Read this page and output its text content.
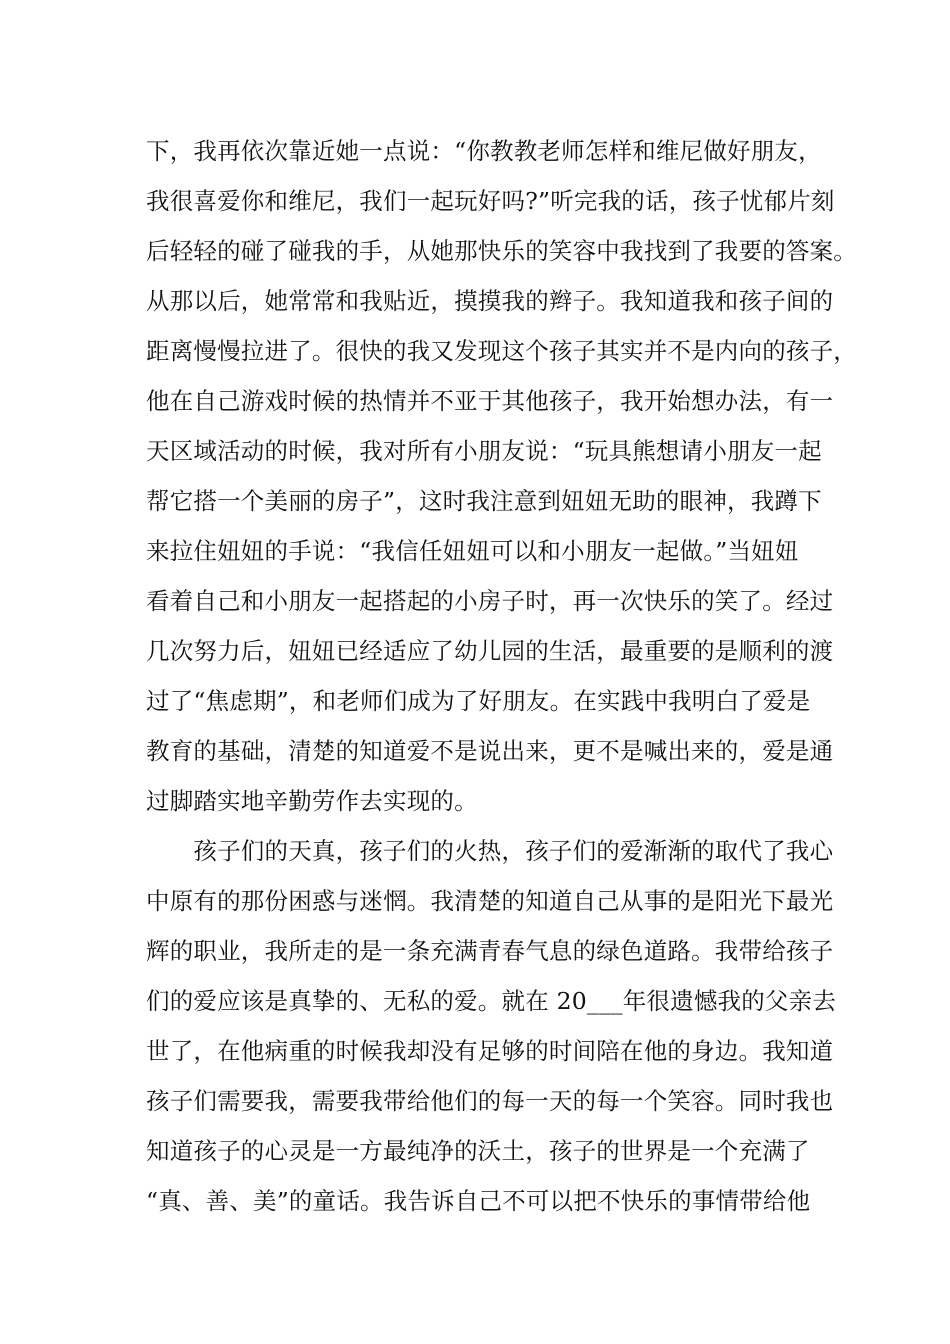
下，我再依次靠近她一点说：“你教教老师怎样和维尼做好朋友，
我很喜爱你和维尼，我们一起玩好吗?”听完我的话，孩子忧郁片刻
后轻轻的碰了碰我的手，从她那快乐的笑容中我找到了我要的答案。
从那以后，她常常和我贴近，摸摸我的辫子。我知道我和孩子间的
距离慢慢拉进了。很快的我又发现这个孩子其实并不是内向的孩子，
他在自己游戏时候的热情并不亚于其他孩子，我开始想办法，有一
天区域活动的时候，我对所有小朋友说：“玩具熊想请小朋友一起
帮它搭一个美丽的房子”，这时我注意到妞妞无助的眼神，我蹲下
来拉住妞妞的手说：“我信任妞妞可以和小朋友一起做。”当妞妞
看着自己和小朋友一起搭起的小房子时，再一次快乐的笑了。经过
几次努力后，妞妞已经适应了幼儿园的生活，最重要的是顺利的渡
过了“焦虑期”，和老师们成为了好朋友。在实践中我明白了爱是
教育的基础，清楚的知道爱不是说出来，更不是喊出来的，爱是通
过脚踏实地辛勤劳作去实现的。
　　孩子们的天真，孩子们的火热，孩子们的爱渐渐的取代了我心
中原有的那份困惑与迷惘。我清楚的知道自己从事的是阳光下最光
辉的职业，我所走的是一条充满青春气息的绿色道路。我带给孩子
们的爱应该是真挚的、无私的爱。就在 20___年很遗憾我的父亲去
世了，在他病重的时候我却没有足够的时间陪在他的身边。我知道
孩子们需要我，需要我带给他们的每一天的每一个笑容。同时我也
知道孩子的心灵是一方最纯净的沃土，孩子的世界是一个充满了
“真、善、美”的童话。我告诉自己不可以把不快乐的事情带给他
